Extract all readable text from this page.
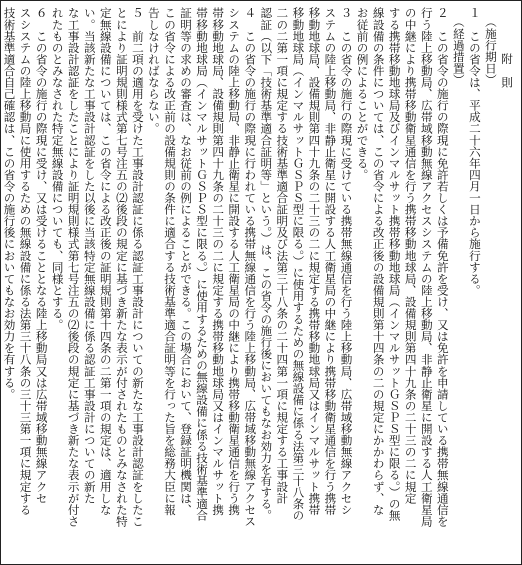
附　則
（施行期日）
１　この省令は、平成二十六年四月一日から施行する。
（経過措置）
２　この省令の施行の際現に免許若しくは予備免許を受け、又は免許を申請している携帯無線通信を
行う陸上移動局、広帯域移動無線アクセスシステムの陸上移動局、非静止衛星に開設する人工衛星局
の中継により携帯移動衛星通信を行う携帯移動地球局、設備規則第四十九条の二十三の二に規定
する携帯移動地球局及びインマルサット携帯移動地球局（インマルサットＧＳＰＳ型に限る。）の無
線設備の条件については、この省令による改正後の設備規則第十四条の二の規定にかかわらず、な
お従前の例によることができる。
３　この省令の施行の際現に受けている携帯無線通信を行う陸上移動局、広帯域移動無線アクセシ
ステムの陸上移動局、非静止衛星に開設する人工衛星局の中継により携帯移動衛星通信を行う携帯
移動地球局、設備規則第四十九条の二十三の二に規定する携帯移動地球局又はインマルサット携帯
移動地球局（インマルサットＧＳＰＳ型に限る。）に使用するための無線設備に係る法第三十八条の
二の二第一項に規定する技術基準適合証明及び法第三十八条の二十四第一項に規定する工事設計
認証（以下「技術基準適合証明等」という。）は、この省令の施行後においてもなお効力を有する。
４　この省令の施行の際現に行われている携帯無線通信を行う陸上移動局、広帯域移動無線アクセス
システムの陸上移動局、非静止衛星に開設する人工衛星局の中継により携帯移動衛星通信を行う携
帯移動地球局、設備規則第四十九条の二十三の二に規定する携帯移動地球局又はインマルサット携
帯移動地球局（インマルサットＧＳＰＳ型に限る。）に使用するための無線設備に係る技術基準適合
証明等の求めの審査は、なお従前の例によることができる。この場合において、登録証明機関は、
この省令による改正前の設備規則の条件に適合する技術基準適合証明等を行った旨を総務大臣に報
告しなければならない。
５　前二項の適用を受けた工事設計認証に係る認証工事設計についての新たな工事設計認証をしたこ
とにより証明規則様式第七号注五の⑵後段の規定に基づき新たな表示が付されたものとみなされた特
定無線設備については、この省令による改正後の証明規則第十四条の二第一項の規定は、適用しな
い。当該新たな工事設計認証をした以後に当該特定無線設備に係る認証工事設計についての新た
な工事設計認証をしたことにより証明規則様式第七号注五の⑵後段の規定に基づき新たな表示が付さ
れたものとみなされた特定無線設備についても、同様とする。
６　この省令の施行の際現に受け、又は受けることとなる陸上移動局又は広帯域移動無線アクセ
スシステムの陸上移動局に使用するための無線設備に係る法第三十八条の三十三第一項に規定する
技術基準適合自己確認は、この省令の施行後においてもなお効力を有する。
